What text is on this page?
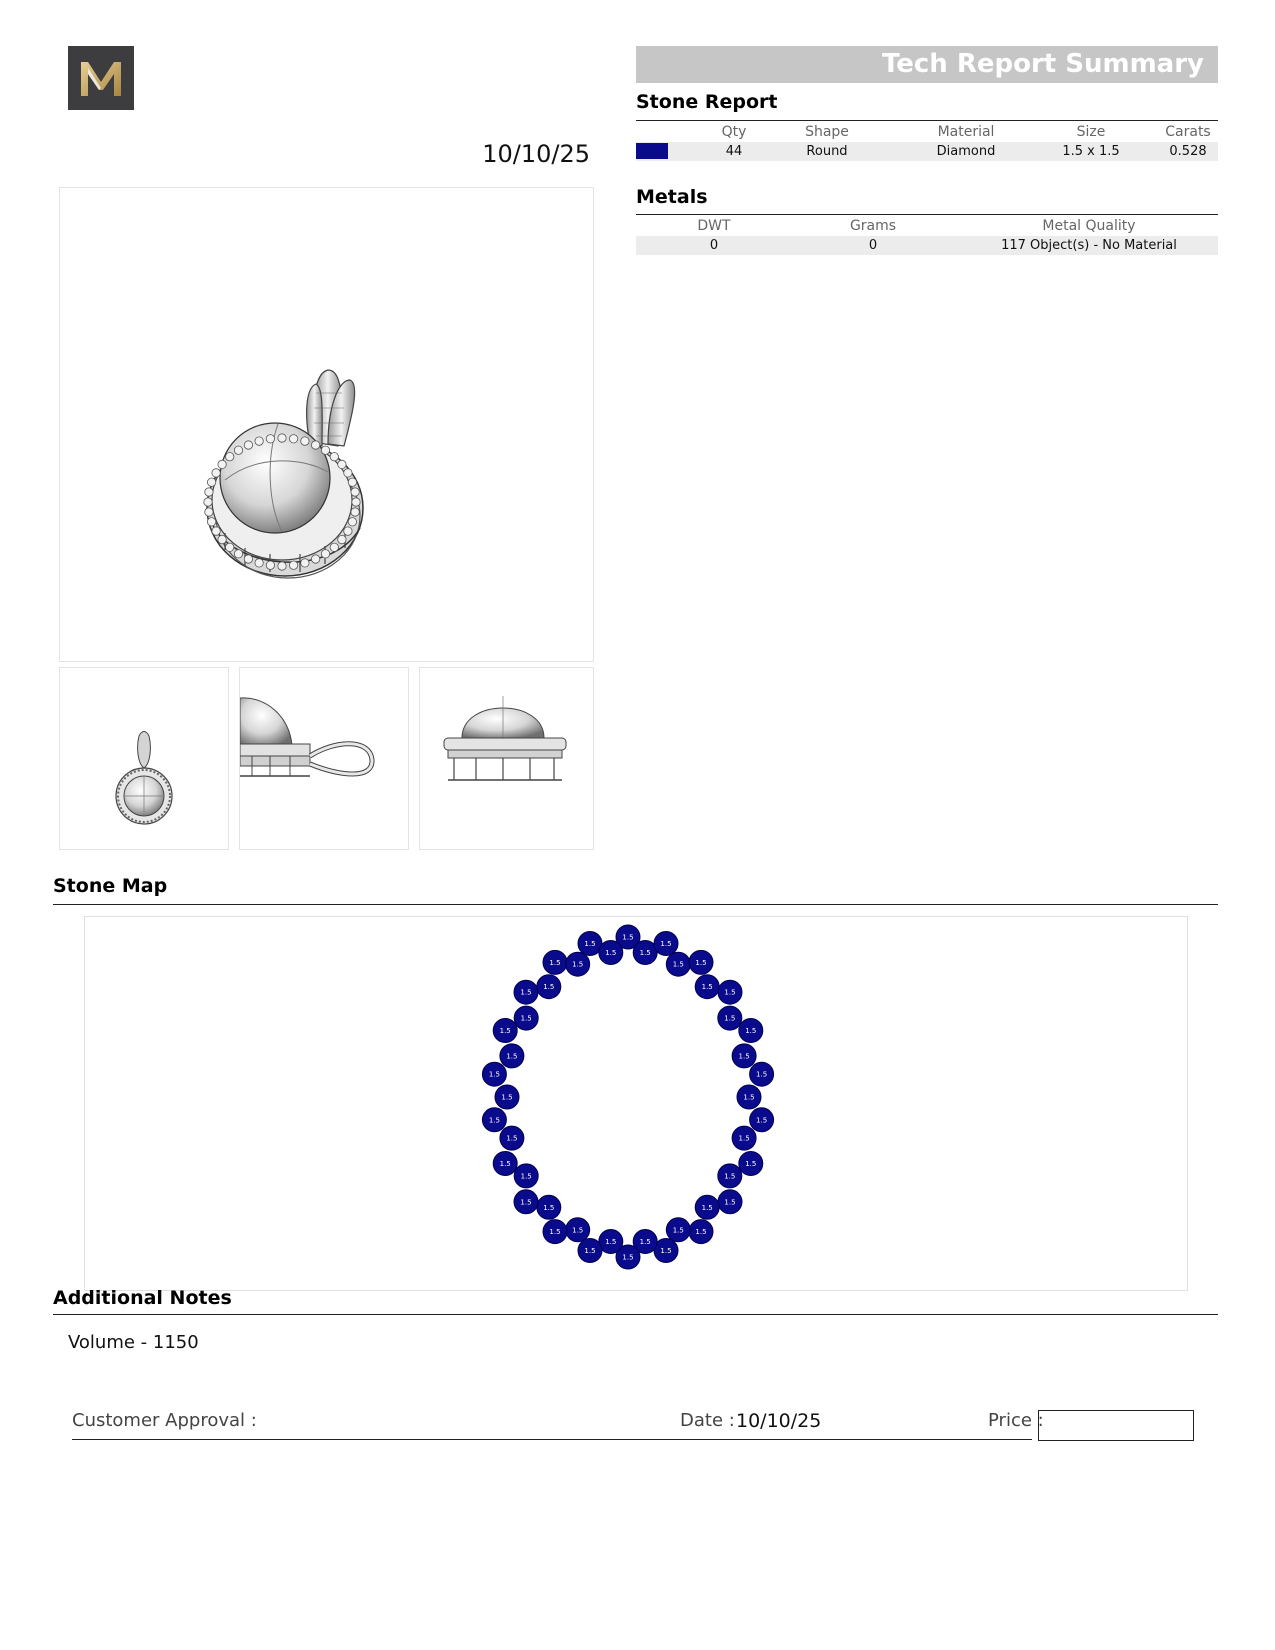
10/10/25
Tech Report Summary
Stone Report
Qty	Shape	Material	Size	Carats
44	Round	Diamond	1.5 x 1.5	0.528
Metals
DWT	Grams	Metal Quality
0	0	117 Object(s) - No Material
Stone Map
1.5
1.5
1.5
1.5 1.5
1.5
1.5
1.5
1.5
1.5
1.5
1.5
1.5
1.5
1.5
1.5
1.5
1.5
1.5
1.5
1.5
1.5
1.5
1.5
1.5
1.5
1.5
1.5
1.5
1.5
1.5
1.5
1.5
1.5
1.5
1.5
1.5
1.5
1.5
1.5
1.5 1.5
1.5
1.5
Additional Notes
Volume - 1150
Customer Approval :	Date : 10/10/25	Price :
